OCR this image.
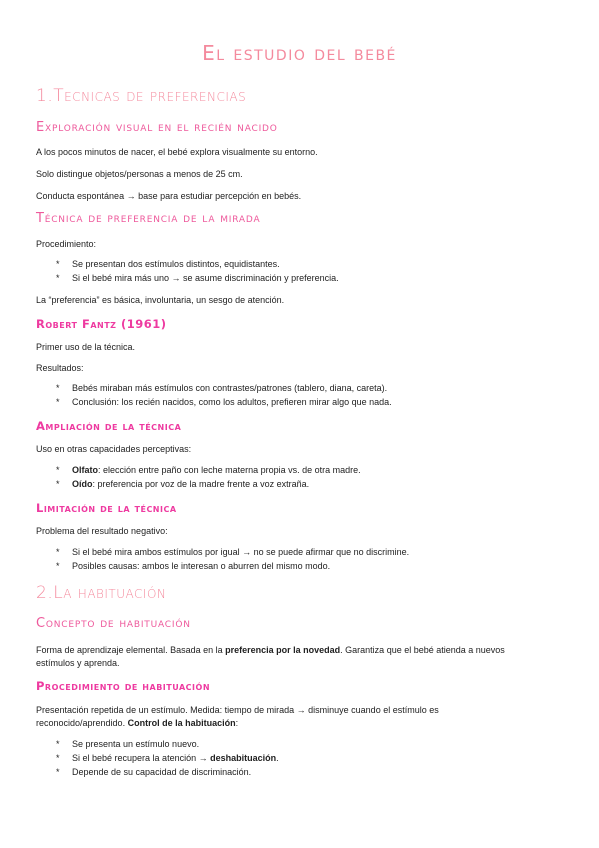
El estudio del bebé
1.Tecnicas de preferencias
Exploración visual en el recién nacido
A los pocos minutos de nacer, el bebé explora visualmente su entorno.
Solo distingue objetos/personas a menos de 25 cm.
Conducta espontánea → base para estudiar percepción en bebés.
Técnica de preferencia de la mirada
Procedimiento:
* Se presentan dos estímulos distintos, equidistantes.
* Si el bebé mira más uno → se asume discriminación y preferencia.
La “preferencia” es básica, involuntaria, un sesgo de atención.
Robert Fantz (1961)
Primer uso de la técnica.
Resultados:
* Bebés miraban más estímulos con contrastes/patrones (tablero, diana, careta).
* Conclusión: los recién nacidos, como los adultos, prefieren mirar algo que nada.
Ampliación de la técnica
Uso en otras capacidades perceptivas:
* Olfato: elección entre paño con leche materna propia vs. de otra madre.
* Oído: preferencia por voz de la madre frente a voz extraña.
Limitación de la técnica
Problema del resultado negativo:
* Si el bebé mira ambos estímulos por igual → no se puede afirmar que no discrimine.
* Posibles causas: ambos le interesan o aburren del mismo modo.
2.La habituación
Concepto de habituación
Forma de aprendizaje elemental. Basada en la preferencia por la novedad. Garantiza que el bebé atienda a nuevos estímulos y aprenda.
Procedimiento de habituación
Presentación repetida de un estímulo. Medida: tiempo de mirada → disminuye cuando el estímulo es reconocido/aprendido. Control de la habituación:
* Se presenta un estímulo nuevo.
* Si el bebé recupera la atención → deshabituación.
* Depende de su capacidad de discriminación.
